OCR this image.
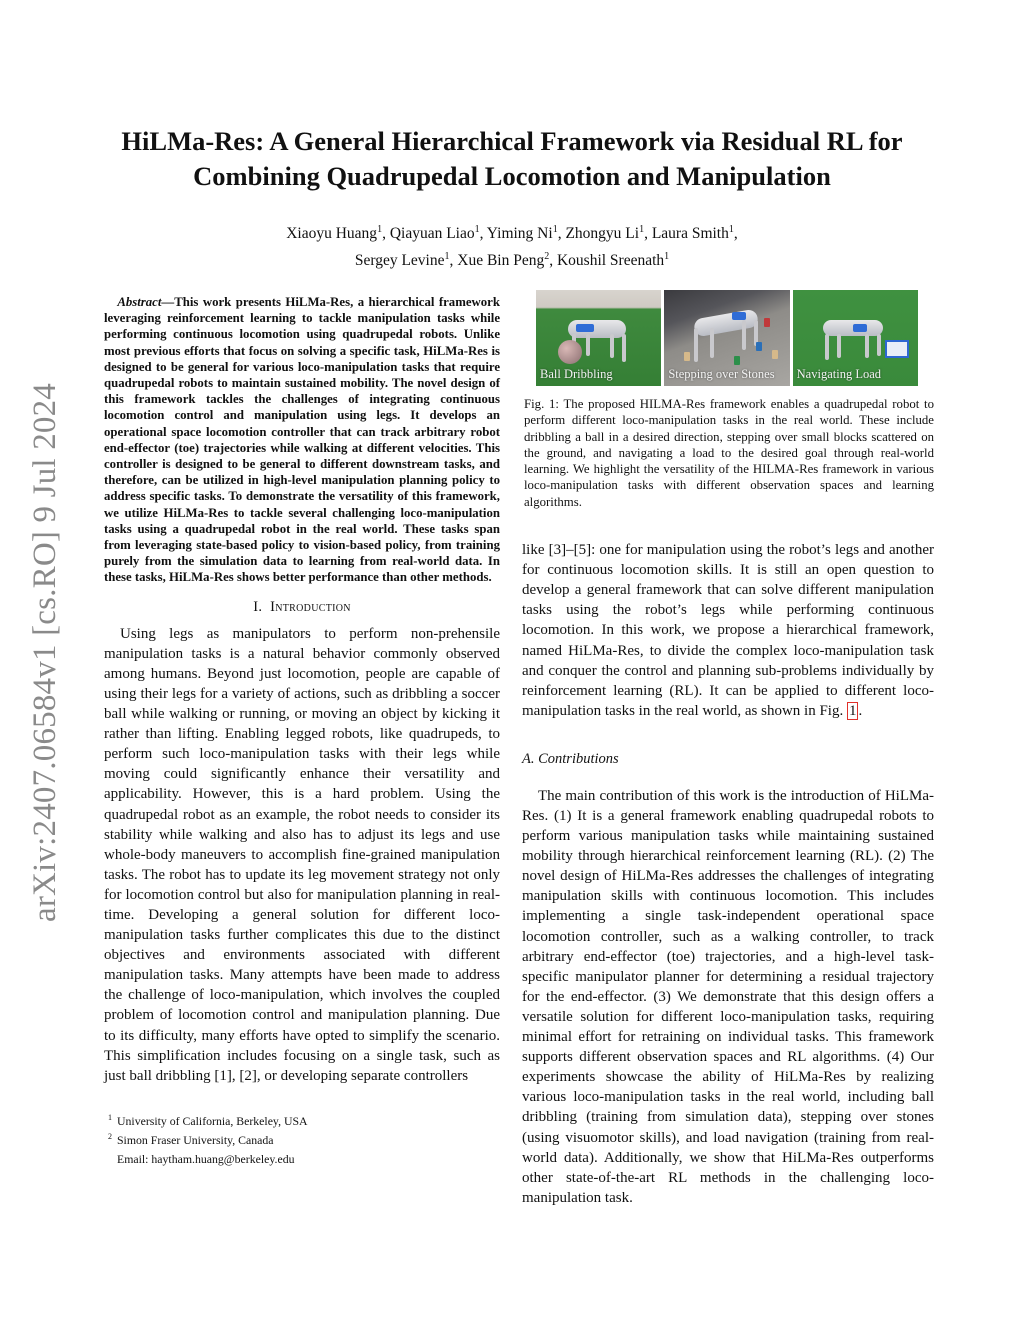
arXiv:2407.06584v1 [cs.RO] 9 Jul 2024
HiLMa-Res: A General Hierarchical Framework via Residual RL for
Combining Quadrupedal Locomotion and Manipulation
Xiaoyu Huang$^1$, Qiayuan Liao$^1$, Yiming Ni$^1$, Zhongyu Li$^1$, Laura Smith$^1$,
Sergey Levine$^1$, Xue Bin Peng$^2$, Koushil Sreenath$^1$

Abstract—This work presents HiLMa-Res, a hierarchical framework leveraging reinforcement learning to tackle manipulation tasks while performing continuous locomotion using quadrupedal robots. Unlike most previous efforts that focus on solving a specific task, HiLMa-Res is designed to be general for various loco-manipulation tasks that require quadrupedal robots to maintain sustained mobility. The novel design of this framework tackles the challenges of integrating continuous locomotion control and manipulation using legs. It develops an operational space locomotion controller that can track arbitrary robot end-effector (toe) trajectories while walking at different velocities. This controller is designed to be general to different downstream tasks, and therefore, can be utilized in high-level manipulation planning policy to address specific tasks. To demonstrate the versatility of this framework, we utilize HiLMa-Res to tackle several challenging loco-manipulation tasks using a quadrupedal robot in the real world. These tasks span from leveraging state-based policy to vision-based policy, from training purely from the simulation data to learning from real-world data. In these tasks, HiLMa-Res shows better performance than other methods.

I. Introduction

Using legs as manipulators to perform non-prehensile manipulation tasks is a natural behavior commonly observed among humans. Beyond just locomotion, people are capable of using their legs for a variety of actions, such as dribbling a soccer ball while walking or running, or moving an object by kicking it rather than lifting. Enabling legged robots, like quadrupeds, to perform such loco-manipulation tasks with their legs while moving could significantly enhance their versatility and applicability. However, this is a hard problem. Using the quadrupedal robot as an example, the robot needs to consider its stability while walking and also has to adjust its legs and use whole-body maneuvers to accomplish fine-grained manipulation tasks. The robot has to update its leg movement strategy not only for locomotion control but also for manipulation planning in real-time. Developing a general solution for different loco-manipulation tasks further complicates this due to the distinct objectives and environments associated with different manipulation tasks. Many attempts have been made to address the challenge of loco-manipulation, which involves the coupled problem of locomotion control and manipulation planning. Due to its difficulty, many efforts have opted to simplify the scenario. This simplification includes focusing on a single task, such as just ball dribbling [1], [2], or developing separate controllers

$^1$ University of California, Berkeley, USA
$^2$ Simon Fraser University, Canada
Email: haytham.huang@berkeley.edu
Ball Dribbling	Stepping over Stones Navigating Load

Fig. 1: The proposed HILMA-Res framework enables a quadrupedal robot to perform different loco-manipulation tasks in the real world. These include dribbling a ball in a desired direction, stepping over small blocks scattered on the ground, and navigating a load to the desired goal through real-world learning. We highlight the versatility of the HILMA-Res framework in various loco-manipulation tasks with different observation spaces and learning algorithms.

like [3]–[5]: one for manipulation using the robot’s legs and another for continuous locomotion skills. It is still an open question to develop a general framework that can solve different manipulation tasks using the robot’s legs while performing continuous locomotion. In this work, we propose a hierarchical framework, named HiLMa-Res, to divide the complex loco-manipulation task and conquer the control and planning sub-problems individually by reinforcement learning (RL). It can be applied to different loco-manipulation tasks in the real world, as shown in Fig. 1 .

A. Contributions

The main contribution of this work is the introduction of HiLMa-Res. (1) It is a general framework enabling quadrupedal robots to perform various manipulation tasks while maintaining sustained mobility through hierarchical reinforcement learning (RL). (2) The novel design of HiLMa-Res addresses the challenges of integrating manipulation skills with continuous locomotion. This includes implementing a single task-independent operational space locomotion controller, such as a walking controller, to track arbitrary end-effector (toe) trajectories, and a high-level task-specific manipulator planner for determining a residual trajectory for the end-effector. (3) We demonstrate that this design offers a versatile solution for different loco-manipulation tasks, requiring minimal effort for retraining on individual tasks. This framework supports different observation spaces and RL algorithms. (4) Our experiments showcase the ability of HiLMa-Res by realizing various loco-manipulation tasks in the real world, including ball dribbling (training from simulation data), stepping over stones (using visuomotor skills), and load navigation (training from real-world data). Additionally, we show that HiLMa-Res outperforms other state-of-the-art RL methods in the challenging loco-manipulation task.
